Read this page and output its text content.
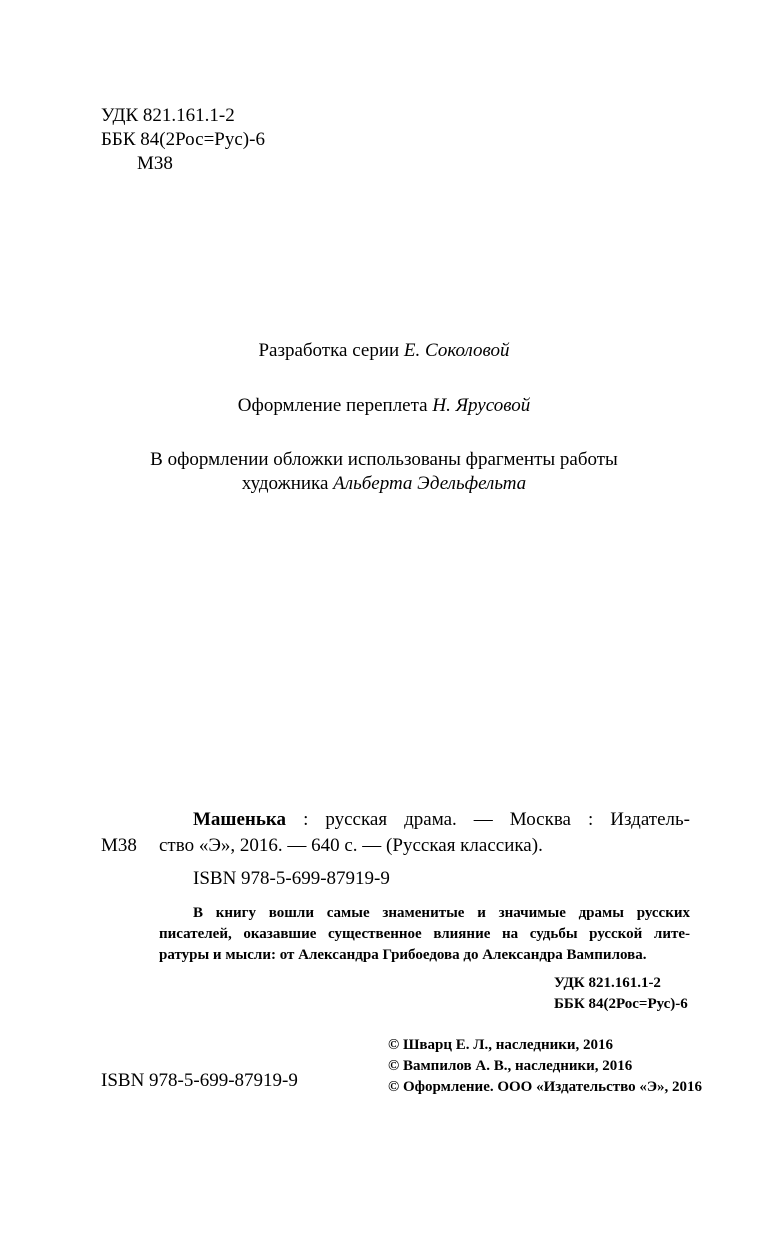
УДК 821.161.1-2
ББК 84(2Рос=Рус)-6
М38
Разработка серии Е. Соколовой
Оформление переплета Н. Ярусовой
В оформлении обложки использованы фрагменты работы
художника Альберта Эдельфельта
М38
Машенька : русская драма. — Москва : Издатель-
ство «Э», 2016. — 640 с. — (Русская классика).
ISBN 978-5-699-87919-9
В книгу вошли самые знаменитые и значимые драмы русских
писателей, оказавшие существенное влияние на судьбы русской лите-
ратуры и мысли: от Александра Грибоедова до Александра Вампилова.
УДК 821.161.1-2
ББК 84(2Рос=Рус)-6
ISBN 978-5-699-87919-9
© Шварц Е. Л., наследники, 2016
© Вампилов А. В., наследники, 2016
© Оформление. ООО «Издательство «Э», 2016
